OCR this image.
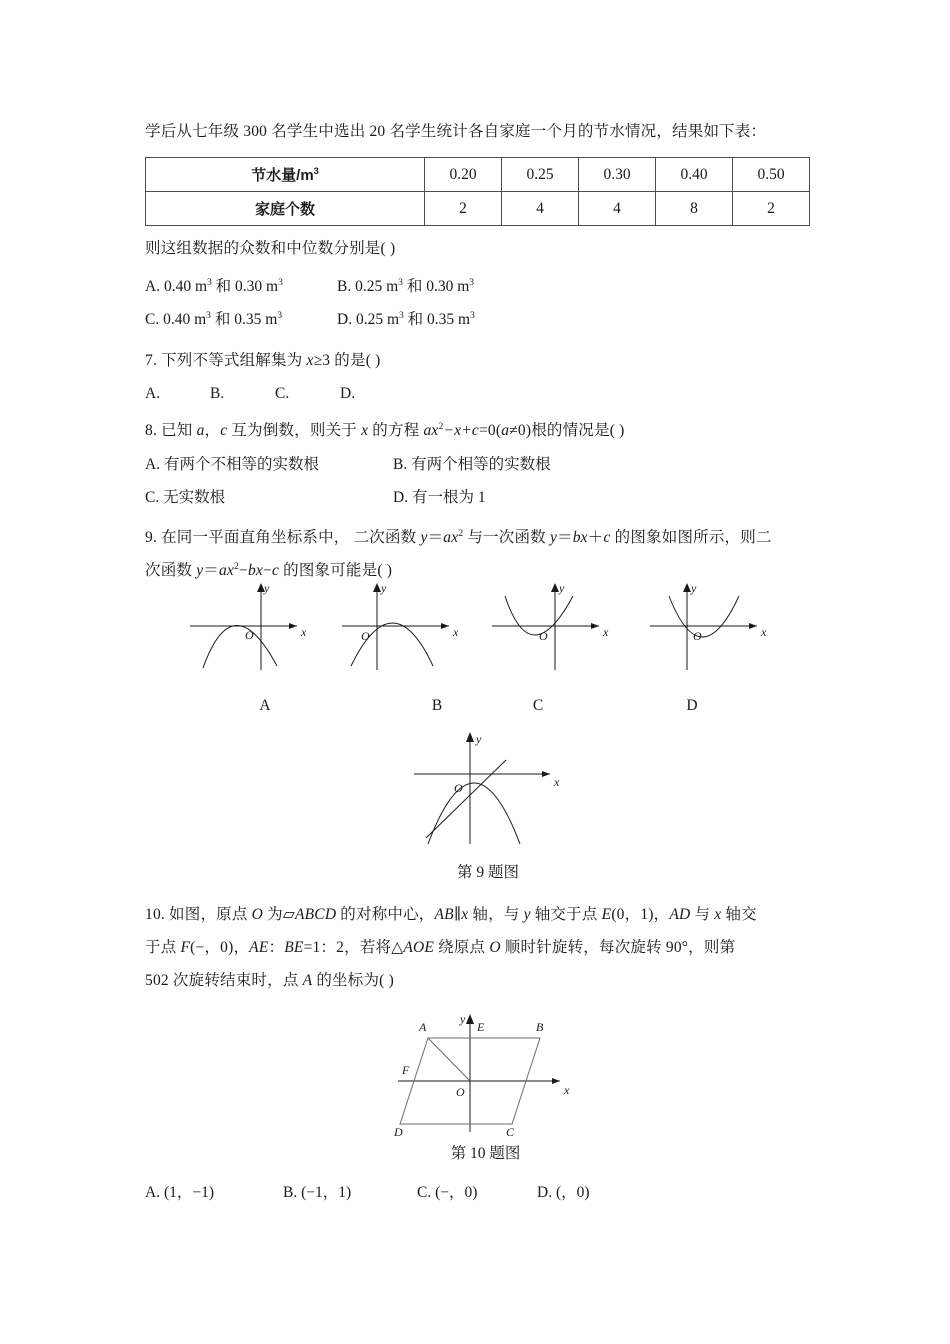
学后从七年级 300 名学生中选出 20 名学生统计各自家庭一个月的节水情况，结果如下表：
节水量$/m^3$	0.20	0.25	0.30	0.40	0.50
家庭个数	2	4	4	8	2
则这组数据的众数和中位数分别是( )
A. 0.40 $m^3$ 和 0.30 $m^3$	B. 0.25 $m^3$ 和 0.30 $m^3$
C. 0.40 $m^3$ 和 0.35 $m^3$	D. 0.25 $m^3$ 和 0.35 $m^3$
7. 下列不等式组解集为 x≥3 的是( )
A.	B.	C.	D.
8. 已知 a，c 互为倒数，则关于 x 的方程 $ax^2-x+c=0(a\ne 0)$根的情况是( )
A. 有两个不相等的实数根	B. 有两个相等的实数根
C. 无实数根	D. 有一根为 1
9. 在同一平面直角坐标系中， 二次函数 $y=ax^2$ 与一次函数 y＝bx＋c 的图象如图所示，则二
次函数 $y=ax^2-bx-c$ 的图象可能是( )
y
x
O
y
x
O
y
x
O
y
x
O
A	B	C	D
y
x
O
第 9 题图
10. 如图，原点 O 为▱ABCD 的对称中心，AB∥x 轴，与 y 轴交于点 E(0，1)，AD 与 x 轴交
于点 F(−，0)，AE：BE=1：2，若将△AOE 绕原点 O 顺时针旋转，每次旋转 90°，则第
502 次旋转结束时，点 A 的坐标为( )
A	E	B
F
O
D	C
x
y
第 10 题图
A. (1，−1)	B. (−1，1)	C. (−，0)	D. (，0)
